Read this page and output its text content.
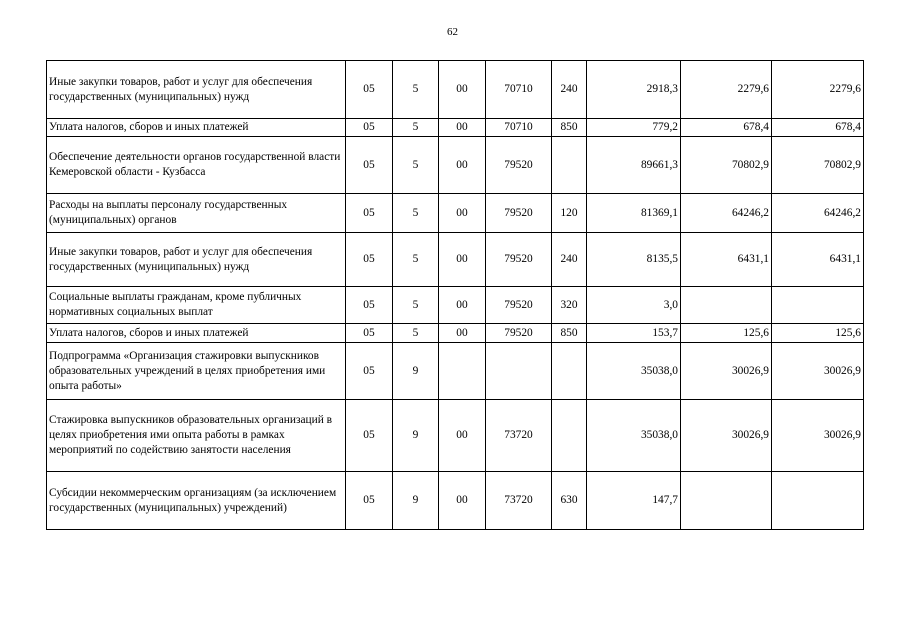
62
Иные закупки товаров, работ и услуг для обеспечения государственных (муниципальных) нужд	05	5	00	70710	240	2918,3	2279,6	2279,6
Уплата налогов, сборов и иных платежей	05	5	00	70710	850	779,2	678,4	678,4
Обеспечение деятельности органов государственной власти Кемеровской области - Кузбасса	05	5	00	79520		89661,3	70802,9	70802,9
Расходы на выплаты персоналу государственных (муниципальных) органов	05	5	00	79520	120	81369,1	64246,2	64246,2
Иные закупки товаров, работ и услуг для обеспечения государственных (муниципальных) нужд	05	5	00	79520	240	8135,5	6431,1	6431,1
Социальные выплаты гражданам, кроме публичных нормативных социальных выплат	05	5	00	79520	320	3,0		
Уплата налогов, сборов и иных платежей	05	5	00	79520	850	153,7	125,6	125,6
Подпрограмма «Организация стажировки выпускников образовательных учреждений в целях приобретения ими опыта работы»	05	9				35038,0	30026,9	30026,9
Стажировка выпускников образовательных организаций в целях приобретения ими опыта работы в рамках мероприятий по содействию занятости населения	05	9	00	73720		35038,0	30026,9	30026,9
Субсидии некоммерческим организациям (за исключением государственных (муниципальных) учреждений)	05	9	00	73720	630	147,7		
